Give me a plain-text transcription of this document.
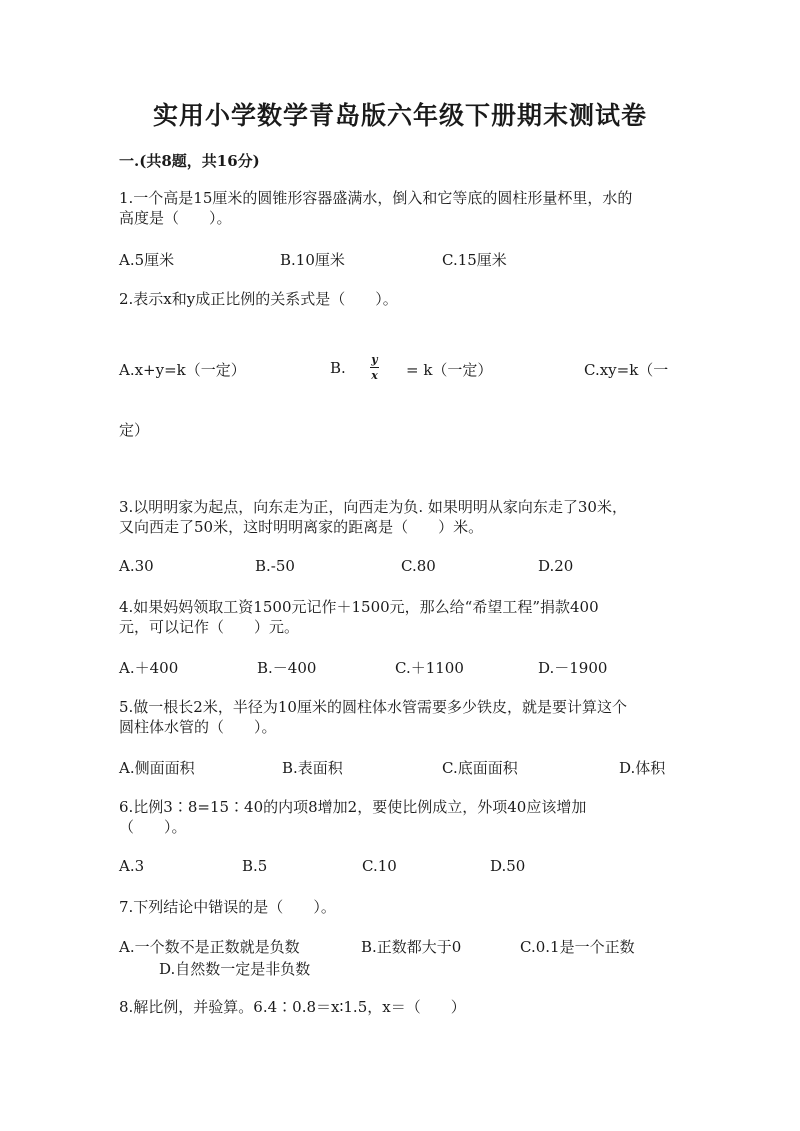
实用小学数学青岛版六年级下册期末测试卷
一.(共8题，共16分)
1.一个高是15厘米的圆锥形容器盛满水，倒入和它等底的圆柱形量杯里，水的
高度是（　　）。
A.5厘米	B.10厘米	C.15厘米
2.表示x和y成正比例的关系式是（　　）。
A.x+y=k（一定）	B. $\frac{y}{x} = k$（一定）	C.xy=k（一
定）
3.以明明家为起点，向东走为正，向西走为负. 如果明明从家向东走了30米，
又向西走了50米，这时明明离家的距离是（　　）米。
A.30	B.-50	C.80	D.20
4.如果妈妈领取工资1500元记作＋1500元，那么给“希望工程”捐款400
元，可以记作（　　）元。
A.＋400	B.－400	C.＋1100	D.－1900
5.做一根长2米，半径为10厘米的圆柱体水管需要多少铁皮，就是要计算这个
圆柱体水管的（　　）。
A.侧面面积	B.表面积	C.底面面积	D.体积
6.比例3∶8=15∶40的内项8增加2，要使比例成立，外项40应该增加
（　　）。
A.3	B.5	C.10	D.50
7.下列结论中错误的是（　　）。
A.一个数不是正数就是负数	B.正数都大于0	C.0.1是一个正数
D.自然数一定是非负数
8.解比例，并验算。6.4∶0.8＝x∶1.5，x＝（　　）
